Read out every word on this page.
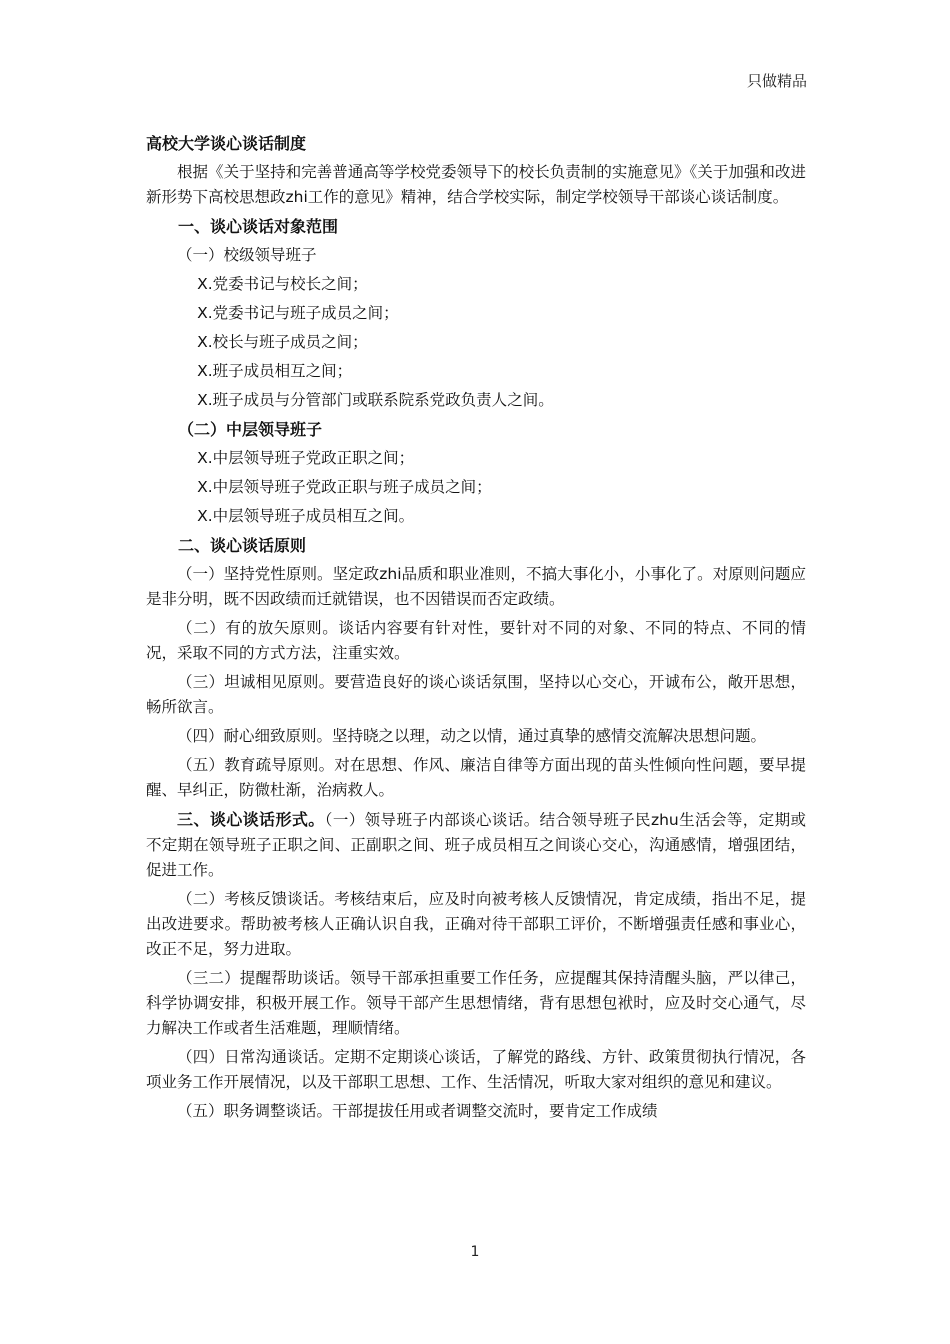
只做精品
高校大学谈心谈话制度
根据《关于坚持和完善普通高等学校党委领导下的校长负责制的实施意见》《关于加强和改进新形势下高校思想政zhi工作的意见》精神，结合学校实际，制定学校领导干部谈心谈话制度。
一、谈心谈话对象范围
（一）校级领导班子
X.党委书记与校长之间；
X.党委书记与班子成员之间；
X.校长与班子成员之间；
X.班子成员相互之间；
X.班子成员与分管部门或联系院系党政负责人之间。
（二）中层领导班子
X.中层领导班子党政正职之间；
X.中层领导班子党政正职与班子成员之间；
X.中层领导班子成员相互之间。
二、谈心谈话原则
（一）坚持党性原则。坚定政zhi品质和职业准则，不搞大事化小，小事化了。对原则问题应是非分明，既不因政绩而迁就错误，也不因错误而否定政绩。
（二）有的放矢原则。谈话内容要有针对性，要针对不同的对象、不同的特点、不同的情况，采取不同的方式方法，注重实效。
（三）坦诚相见原则。要营造良好的谈心谈话氛围，坚持以心交心，开诚布公，敞开思想，畅所欲言。
（四）耐心细致原则。坚持晓之以理，动之以情，通过真挚的感情交流解决思想问题。
（五）教育疏导原则。对在思想、作风、廉洁自律等方面出现的苗头性倾向性问题，要早提醒、早纠正，防微杜渐，治病救人。
三、谈心谈话形式。（一）领导班子内部谈心谈话。结合领导班子民zhu生活会等，定期或不定期在领导班子正职之间、正副职之间、班子成员相互之间谈心交心，沟通感情，增强团结，促进工作。
（二）考核反馈谈话。考核结束后，应及时向被考核人反馈情况，肯定成绩，指出不足，提出改进要求。帮助被考核人正确认识自我，正确对待干部职工评价，不断增强责任感和事业心，改正不足，努力进取。
（三二）提醒帮助谈话。领导干部承担重要工作任务，应提醒其保持清醒头脑，严以律己，科学协调安排，积极开展工作。领导干部产生思想情绪，背有思想包袱时，应及时交心通气，尽力解决工作或者生活难题，理顺情绪。
（四）日常沟通谈话。定期不定期谈心谈话，了解党的路线、方针、政策贯彻执行情况，各项业务工作开展情况，以及干部职工思想、工作、生活情况，听取大家对组织的意见和建议。
（五）职务调整谈话。干部提拔任用或者调整交流时，要肯定工作成绩
1
